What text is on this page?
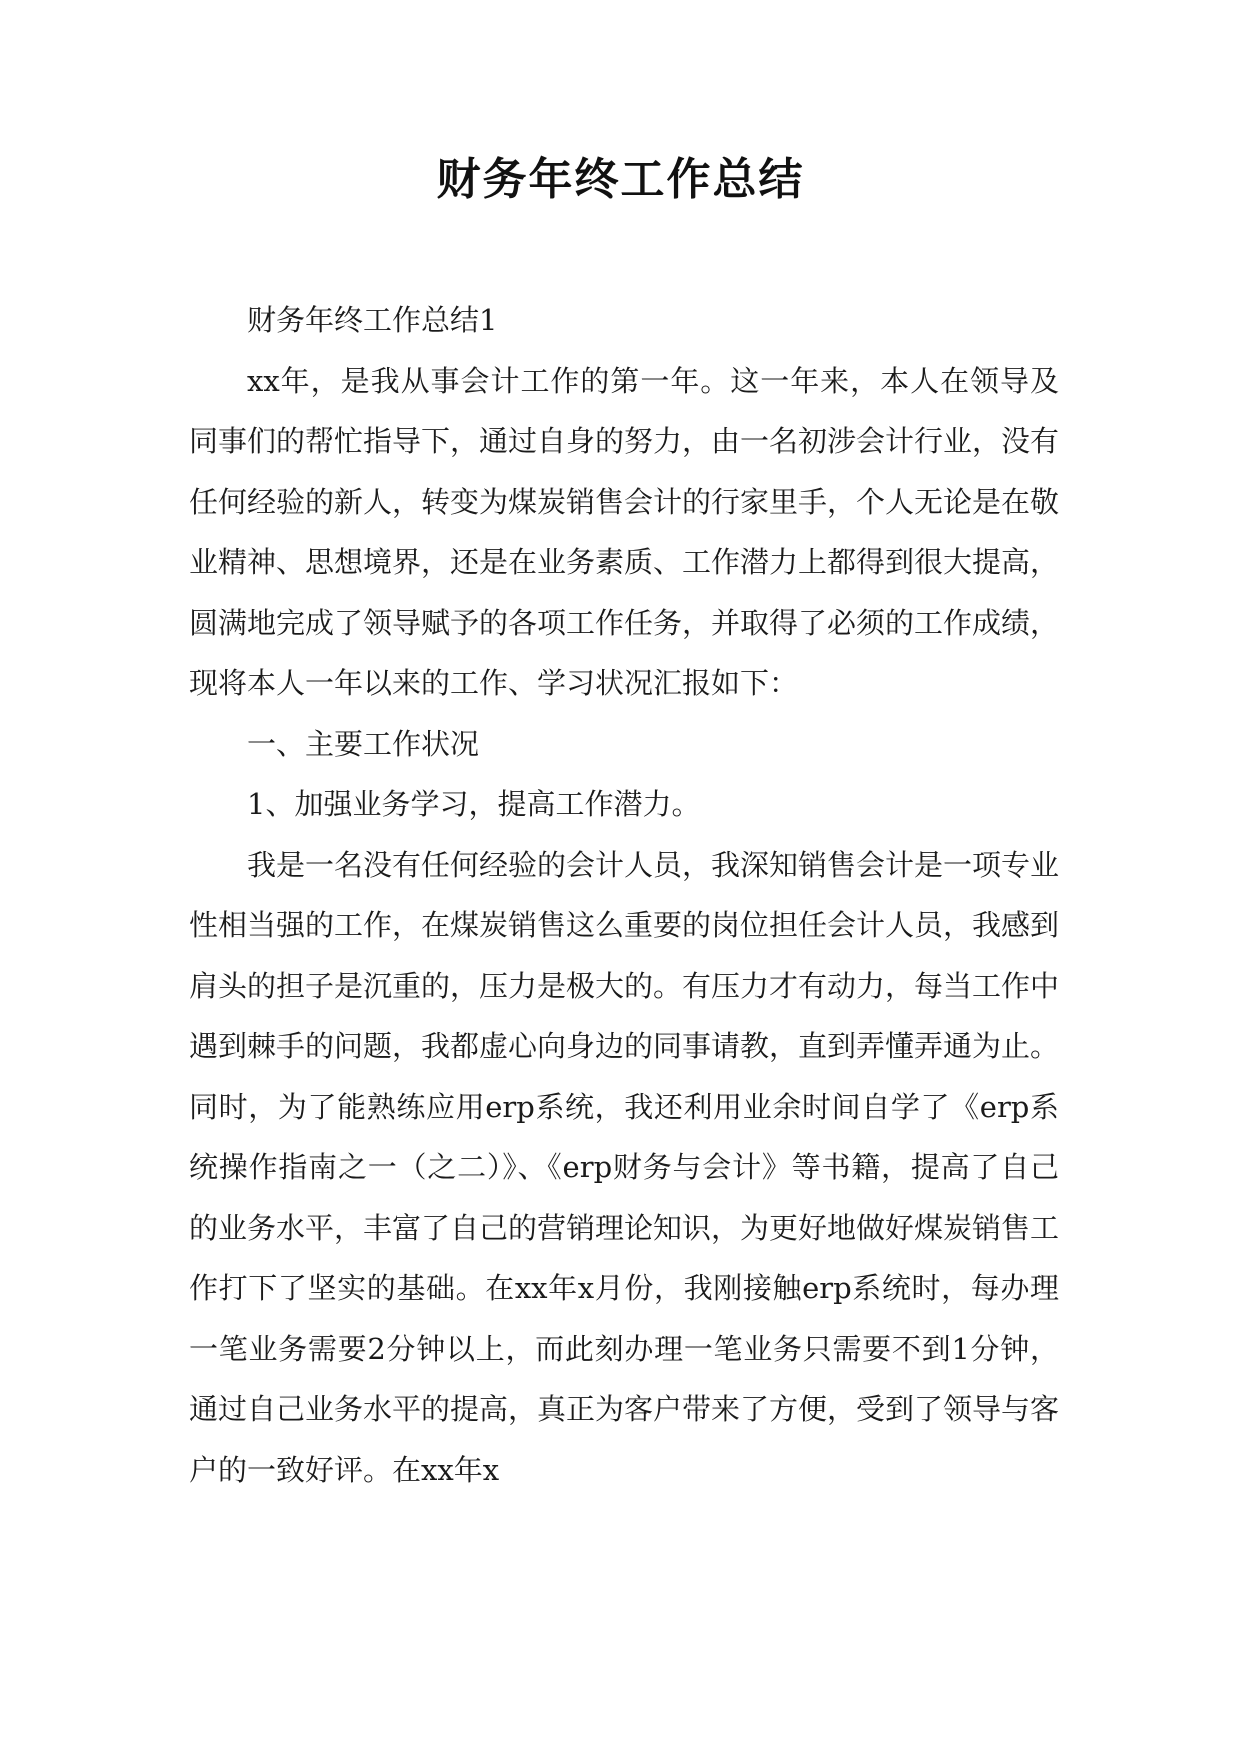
财务年终工作总结

财务年终工作总结1

xx年，是我从事会计工作的第一年。这一年来，本人在领导及同事们的帮忙指导下，通过自身的努力，由一名初涉会计行业，没有任何经验的新人，转变为煤炭销售会计的行家里手，个人无论是在敬业精神、思想境界，还是在业务素质、工作潜力上都得到很大提高，圆满地完成了领导赋予的各项工作任务，并取得了必须的工作成绩，现将本人一年以来的工作、学习状况汇报如下：

一、主要工作状况

1、加强业务学习，提高工作潜力。

我是一名没有任何经验的会计人员，我深知销售会计是一项专业性相当强的工作，在煤炭销售这么重要的岗位担任会计人员，我感到肩头的担子是沉重的，压力是极大的。有压力才有动力，每当工作中遇到棘手的问题，我都虚心向身边的同事请教，直到弄懂弄通为止。同时，为了能熟练应用erp系统，我还利用业余时间自学了《erp系统操作指南之一（之二）》、《erp财务与会计》等书籍，提高了自己的业务水平，丰富了自己的营销理论知识，为更好地做好煤炭销售工作打下了坚实的基础。在xx年x月份，我刚接触erp系统时，每办理一笔业务需要2分钟以上，而此刻办理一笔业务只需要不到1分钟，通过自己业务水平的提高，真正为客户带来了方便，受到了领导与客户的一致好评。在xx年x
